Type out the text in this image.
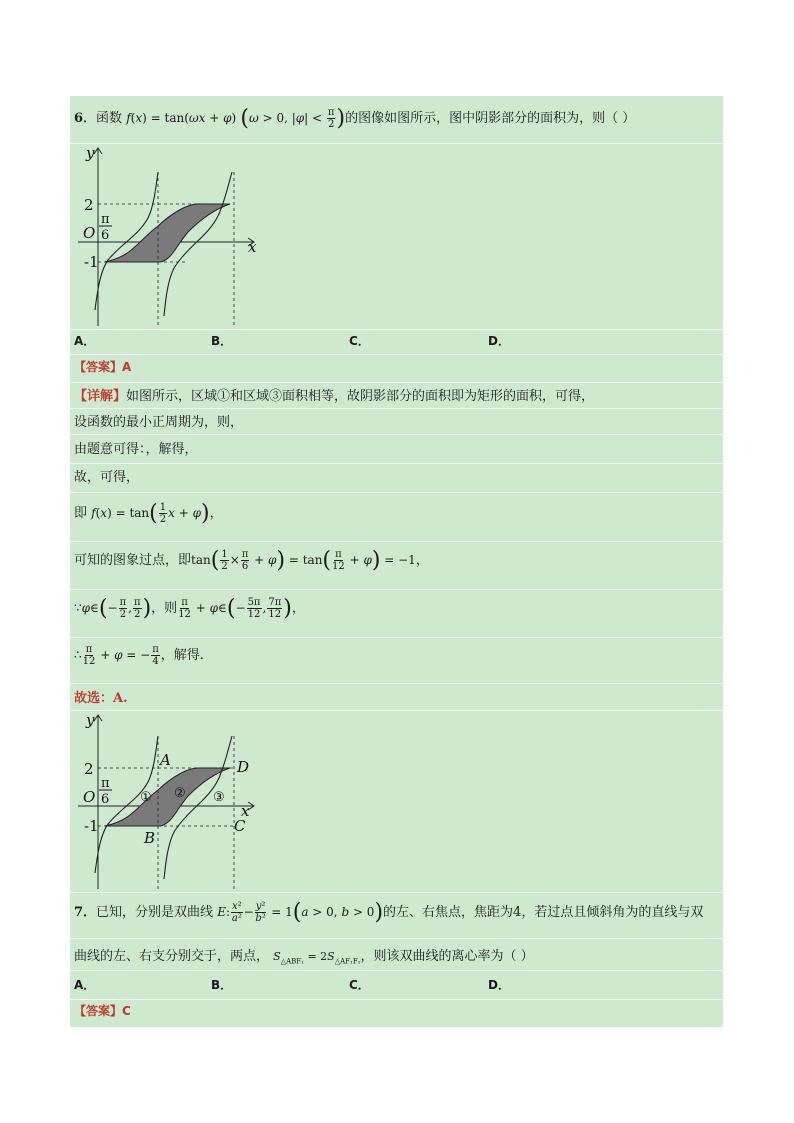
6．函数 f(x) = tan(ωx + φ) (ω > 0, $|\varphi| < \frac{\pi}{2}$ )的图像如图所示，图中阴影部分的面积为，则（ ）
y
x
O
2
-1
π
6
A．	B．	C．	D．
【答案】A
【详解】如图所示，区域①和区域③面积相等，故阴影部分的面积即为矩形的面积，可得，
设函数的最小正周期为，则，
由题意可得：，解得，
故，可得，
即 $f(x) = \tan( \frac{1}{2}$ x + φ)，
可知的图象过点，即$\tan( \frac{1}{2} \times \frac{\pi}{6} + \varphi) = \tan( \frac{\pi}{12} + \varphi) = -1$，
∵φ∈(− $\frac{\pi}{2}$ , $\frac{\pi}{2}$ )，则 $\frac{\pi}{12}$ + φ∈(− $\frac{5\pi}{12}$ , $\frac{7\pi}{12}$ )，
∴ $\frac{\pi}{12} + \varphi$ = − $\frac{\pi}{4}$ ，解得.
故选：A.
y
x
O
2
-1
π
6
A
B
C
D
① ② ③
7．已知，分别是双曲线 E: $\frac{\text{x²}}{\text{a²}} - \frac{\text{y²}}{\text{b²}} = 1(a > 0$, b > 0)的左、右焦点，焦距为4，若过点且倾斜角为的直线与双
曲线的左、右支分别交于，两点， $S_{\triangle ABF_1} = 2S_{\triangle AF_1F_2}$，则该双曲线的离心率为（ ）
A．	B．	C．	D．
【答案】C
